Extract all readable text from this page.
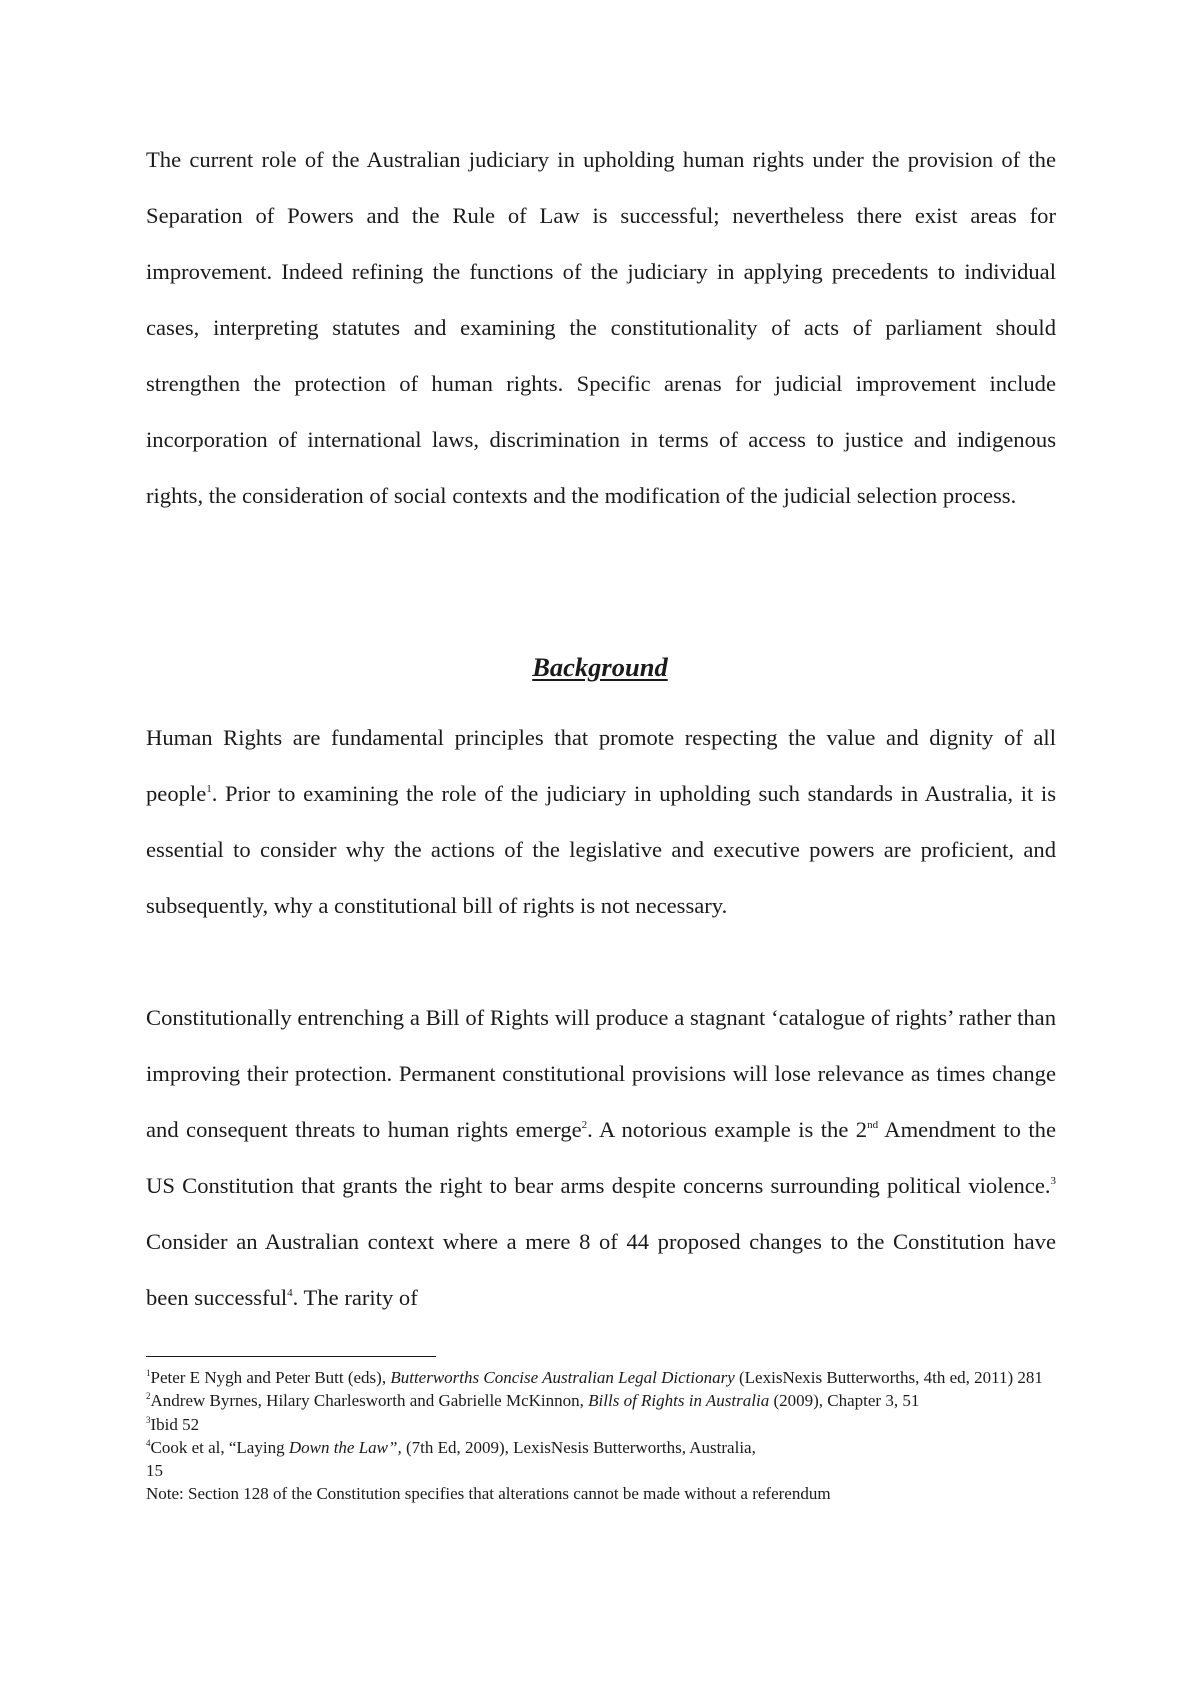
The current role of the Australian judiciary in upholding human rights under the provision of the Separation of Powers and the Rule of Law is successful; nevertheless there exist areas for improvement. Indeed refining the functions of the judiciary in applying precedents to individual cases, interpreting statutes and examining the constitutionality of acts of parliament should strengthen the protection of human rights. Specific arenas for judicial improvement include incorporation of international laws, discrimination in terms of access to justice and indigenous rights, the consideration of social contexts and the modification of the judicial selection process.

Background

Human Rights are fundamental principles that promote respecting the value and dignity of all people$^1$. Prior to examining the role of the judiciary in upholding such standards in Australia, it is essential to consider why the actions of the legislative and executive powers are proficient, and subsequently, why a constitutional bill of rights is not necessary.

Constitutionally entrenching a Bill of Rights will produce a stagnant ‘catalogue of rights’ rather than improving their protection. Permanent constitutional provisions will lose relevance as times change and consequent threats to human rights emerge$^2$. A notorious example is the 2nd Amendment to the US Constitution that grants the right to bear arms despite concerns surrounding political violence.$^3$ Consider an Australian context where a mere 8 of 44 proposed changes to the Constitution have been successful$^4$. The rarity of

$^1$Peter E Nygh and Peter Butt (eds), Butterworths Concise Australian Legal Dictionary (LexisNexis Butterworths, 4th ed, 2011) 281

$^2$Andrew Byrnes, Hilary Charlesworth and Gabrielle McKinnon, Bills of Rights in Australia (2009), Chapter 3, 51

$^3$Ibid 52

$^4$Cook et al, “Laying Down the Law”, (7th Ed, 2009), LexisNesis Butterworths, Australia,
15

Note: Section 128 of the Constitution specifies that alterations cannot be made without a referendum
